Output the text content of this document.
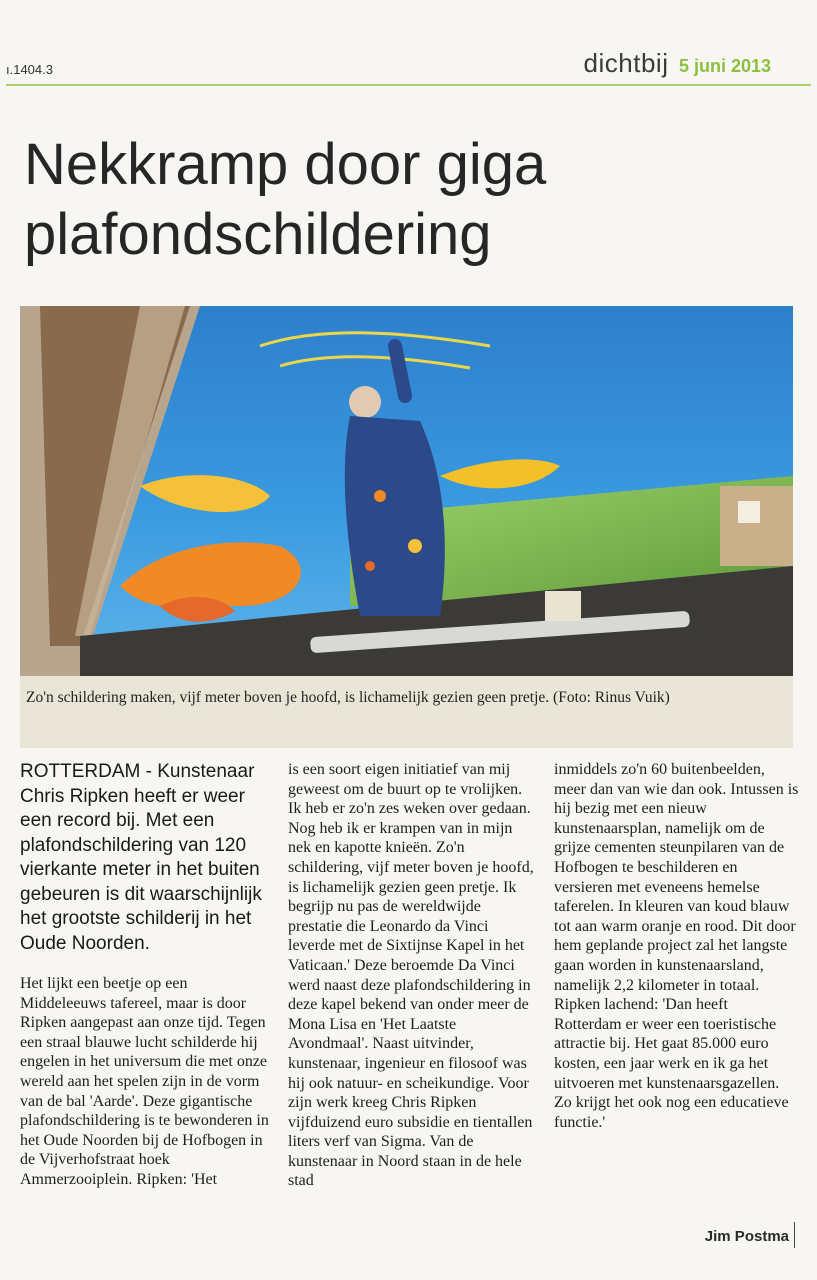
ı.1404.3	dichtbij 5 juni 2013
Nekkramp door giga plafondschildering
Zo'n schildering maken, vijf meter boven je hoofd, is lichamelijk gezien geen pretje. (Foto: Rinus Vuik)

ROTTERDAM - Kunstenaar Chris Ripken heeft er weer een record bij. Met een plafondschildering van 120 vierkante meter in het buiten gebeuren is dit waarschijnlijk het grootste schilderij in het Oude Noorden.

Het lijkt een beetje op een Middeleeuws tafereel, maar is door Ripken aangepast aan onze tijd. Tegen een straal blauwe lucht schilderde hij engelen in het universum die met onze wereld aan het spelen zijn in de vorm van de bal 'Aarde'. Deze gigantische plafondschildering is te bewonderen in het Oude Noorden bij de Hofbogen in de Vijverhofstraat hoek Ammerzooiplein. Ripken: 'Het

is een soort eigen initiatief van mij geweest om de buurt op te vrolijken. Ik heb er zo'n zes weken over gedaan. Nog heb ik er krampen van in mijn nek en kapotte knieën. Zo'n schildering, vijf meter boven je hoofd, is lichamelijk gezien geen pretje. Ik begrijp nu pas de wereldwijde prestatie die Leonardo da Vinci leverde met de Sixtijnse Kapel in het Vaticaan.' Deze beroemde Da Vinci werd naast deze plafondschildering in deze kapel bekend van onder meer de Mona Lisa en 'Het Laatste Avondmaal'. Naast uitvinder, kunstenaar, ingenieur en filosoof was hij ook natuur- en scheikundige. Voor zijn werk kreeg Chris Ripken vijfduizend euro subsidie en tientallen liters verf van Sigma. Van de kunstenaar in Noord staan in de hele stad

inmiddels zo'n 60 buitenbeelden, meer dan van wie dan ook. Intussen is hij bezig met een nieuw kunstenaarsplan, namelijk om de grijze cementen steunpilaren van de Hofbogen te beschilderen en versieren met eveneens hemelse taferelen. In kleuren van koud blauw tot aan warm oranje en rood. Dit door hem geplande project zal het langste gaan worden in kunstenaarsland, namelijk 2,2 kilometer in totaal. Ripken lachend: 'Dan heeft Rotterdam er weer een toeristische attractie bij. Het gaat 85.000 euro kosten, een jaar werk en ik ga het uitvoeren met kunstenaarsgazellen. Zo krijgt het ook nog een educatieve functie.'

Jim Postma
